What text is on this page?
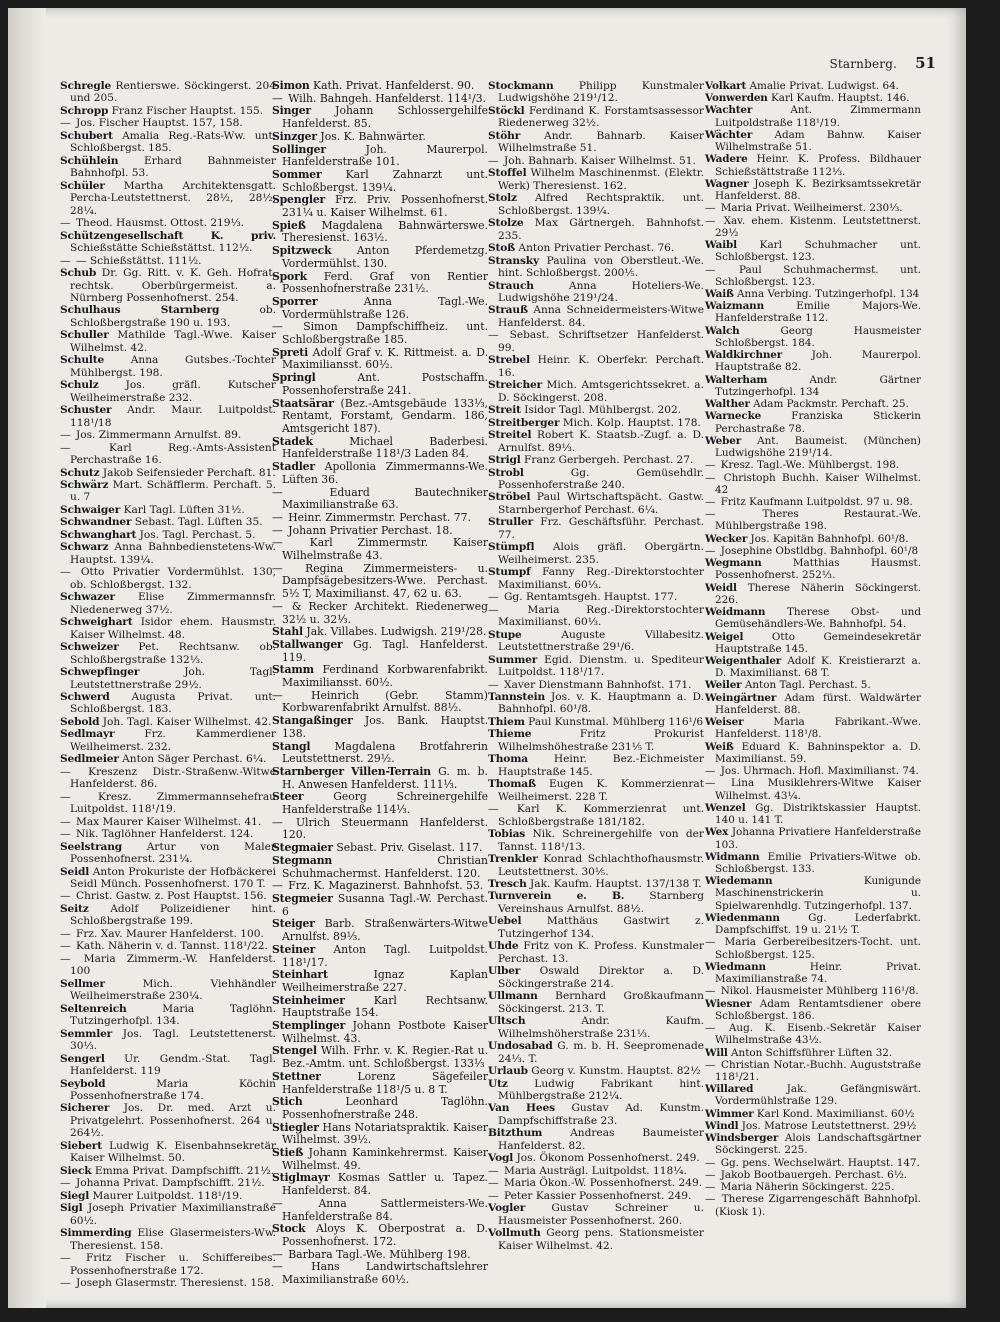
Starnberg. 51
Schregle Rentierswe. Söckingerst. 204 und 205.
Schropp Franz Fischer Hauptst. 155.
— Jos. Fischer Hauptst. 157, 158.
Schubert Amalia Reg.-Rats-Ww. unt. Schloßbergst. 185.
Schühlein Erhard Bahnmeister Bahnhofpl. 53.
Schüler Martha Architektensgatt. Percha-Leutstettnerst. 28½, 28½, 28¼.
— Theod. Hausmst. Ottost. 219⅓.
Schützengesellschaft K. priv. Schießstätte Schießstättst. 112½.
— — Schießstättst. 111½.
Schub Dr. Gg. Ritt. v. K. Geh. Hofrat, rechtsk. Oberbürgermeist. a. Nürnberg Possenhofnerst. 254.
Schulhaus Starnberg ob. Schloßbergstraße 190 u. 193.
Schuller Mathilde Tagl.-Wwe. Kaiser Wilhelmst. 42.
Schulte Anna Gutsbes.-Tochter Mühlbergst. 198.
Schulz Jos. gräfl. Kutscher Weilheimerstraße 232.
Schuster Andr. Maur. Luitpoldst. 118¹/18
— Jos. Zimmermann Arnulfst. 89.
— Karl Reg.-Amts-Assistent Perchastraße 16.
Schutz Jakob Seifensieder Perchaft. 81.
Schwärz Mart. Schäfflerm. Perchaft. 5. u. 7
Schwaiger Karl Tagl. Lüften 31½.
Schwandner Sebast. Tagl. Lüften 35.
Schwanghart Jos. Tagl. Perchast. 5.
Schwarz Anna Bahnbedienstetens-Ww. Hauptst. 139¼.
— Otto Privatier Vordermühlst. 130, ob. Schloßbergst. 132.
Schwazer Elise Zimmermannsfr. Niedenerweg 37½.
Schweighart Isidor ehem. Hausmstr. Kaiser Wilhelmst. 48.
Schweizer Pet. Rechtsanw. ob. Schloßbergstraße 132⅓.
Schwepfinger Joh. Tagl. Leutstettnerstraße 29½.
Schwerd Augusta Privat. unt. Schloßbergst. 183.
Sebold Joh. Tagl. Kaiser Wilhelmst. 42.
Sedlmayr Frz. Kammerdiener Weilheimerst. 232.
Sedlmeier Anton Säger Perchast. 6¼.
— Kreszenz Distr.-Straßenw.-Witwe Hanfelderst. 86.
— Kresz. Zimmermannsehefrau Luitpoldst. 118¹/19.
— Max Maurer Kaiser Wilhelmst. 41.
— Nik. Taglöhner Hanfelderst. 124.
Seelstrang Artur von Maler Possenhofnerst. 231¼.
Seidl Anton Prokuriste der Hofbäckerei Seidl Münch. Possenhofnerst. 170 T.
— Christ. Gastw. z. Post Hauptst. 156.
Seitz Adolf Polizeidiener hint. Schloßbergstraße 199.
— Frz. Xav. Maurer Hanfelderst. 100.
— Kath. Näherin v. d. Tannst. 118¹/22.
— Maria Zimmerm.-W. Hanfelderst. 100
Sellmer Mich. Viehhändler Weilheimerstraße 230¼.
Seltenreich Maria Taglöhn. Tutzingerhofpl. 134.
Semmler Jos. Tagl. Leutstettenerst. 30⅓.
Sengerl Ur. Gendm.-Stat. Tagl. Hanfelderst. 119
Seybold Maria Köchin Possenhofnerstraße 174.
Sicherer Jos. Dr. med. Arzt u. Privatgelehrt. Possenhofnerst. 264 u. 264½.
Siebert Ludwig K. Eisenbahnsekretär Kaiser Wilhelmst. 50.
Sieck Emma Privat. Dampfschifft. 21½.
— Johanna Privat. Dampfschifft. 21½.
Siegl Maurer Luitpoldst. 118¹/19.
Sigl Joseph Privatier Maximilianstraße 60½.
Simmerding Elise Glasermeisters-Ww. Theresienst. 158.
— Fritz Fischer u. Schiffereibes. Possenhofnerstraße 172.
— Joseph Glasermstr. Theresienst. 158.
Simon Kath. Privat. Hanfelderst. 90.
— Wilh. Bahngeh. Hanfelderst. 114¹/3.
Singer Johann Schlossergehilfe Hanfelderst. 85.
Sinzger Jos. K. Bahnwärter.
Sollinger Joh. Maurerpol. Hanfelderstraße 101.
Sommer Karl Zahnarzt unt. Schloßbergst. 139¼.
Spengler Frz. Priv. Possenhofnerst. 231¼ u. Kaiser Wilhelmst. 61.
Spieß Magdalena Bahnwärterswe. Theresienst. 163½.
Spitzweck Anton Pferdemetzg. Vordermühlst. 130.
Spork Ferd. Graf von Rentier Possenhofnerstraße 231½.
Sporrer Anna Tagl.-We. Vordermühlstraße 126.
— Simon Dampfschiffheiz. unt. Schloßbergstraße 185.
Spreti Adolf Graf v. K. Rittmeist. a. D. Maximiliansst. 60½.
Springl Ant. Postschaffn. Possenhoferstraße 241.
Staatsärar (Bez.-Amtsgebäude 133⅓, Rentamt, Forstamt, Gendarm. 186, Amtsgericht 187).
Stadek Michael Baderbesi. Hanfelderstraße 118¹/3 Laden 84.
Stadler Apollonia Zimmermanns-We. Lüften 36.
— Eduard Bautechniker Maximilianstraße 63.
— Heinr. Zimmermstr. Perchast. 77.
— Johann Privatier Perchast. 18.
— Karl Zimmermstr. Kaiser Wilhelmstraße 43.
— Regina Zimmermeisters- u. Dampfsägebesitzers-Wwe. Perchast. 5½ T, Maximilianst. 47, 62 u. 63.
— & Recker Architekt. Riedenerweg 32½ u. 32⅓.
Stahl Jak. Villabes. Ludwigsh. 219¹/28.
Stallwanger Gg. Tagl. Hanfelderst. 119.
Stamm Ferdinand Korbwarenfabrikt. Maximiliansst. 60½.
— Heinrich (Gebr. Stamm) Korbwarenfabrikt Arnulfst. 88½.
Stangaßinger Jos. Bank. Hauptst. 138.
Stangl Magdalena Brotfahrerin Leutstettnerst. 29½.
Starnberger Villen-Terrain G. m. b. H. Anwesen Hanfelderst. 111⅓.
Steer Georg Schreinergehilfe Hanfelderstraße 114⅓.
— Ulrich Steuermann Hanfelderst. 120.
Stegmaier Sebast. Priv. Giselast. 117.
Stegmann Christian Schuhmachermst. Hanfelderst. 120.
— Frz. K. Magazinerst. Bahnhofst. 53.
Stegmeier Susanna Tagl.-W. Perchast. 6
Steiger Barb. Straßenwärters-Witwe Arnulfst. 89⅓.
Steiner Anton Tagl. Luitpoldst. 118¹/17.
Steinhart Ignaz Kaplan Weilheimerstraße 227.
Steinheimer Karl Rechtsanw. Hauptstraße 154.
Stemplinger Johann Postbote Kaiser Wilhelmst. 43.
Stengel Wilh. Frhr. v. K. Regier.-Rat u. Bez.-Amtm. unt. Schloßbergst. 133⅓
Stettner Lorenz Sägefeiler Hanfelderstraße 118¹/5 u. 8 T.
Stich Leonhard Taglöhn. Possenhofnerstraße 248.
Stiegler Hans Notariatspraktik. Kaiser Wilhelmst. 39½.
Stieß Johann Kaminkehrermst. Kaiser Wilhelmst. 49.
Stiglmayr Kosmas Sattler u. Tapez. Hanfelderst. 84.
— Anna Sattlermeisters-We. Hanfelderstraße 84.
Stock Aloys K. Oberpostrat a. D. Possenhofnerst. 172.
— Barbara Tagl.-We. Mühlberg 198.
— Hans Landwirtschaftslehrer Maximilianstraße 60½.
Stockmann Philipp Kunstmaler Ludwigshöhe 219¹/12.
Stöckl Ferdinand K. Forstamtsassessor Riedenerweg 32½.
Stöhr Andr. Bahnarb. Kaiser Wilhelmstraße 51.
— Joh. Bahnarb. Kaiser Wilhelmst. 51.
Stoffel Wilhelm Maschinenmst. (Elektr. Werk) Theresienst. 162.
Stolz Alfred Rechtspraktik. unt. Schloßbergst. 139¼.
Stolze Max Gärtnergeh. Bahnhofst. 235.
Stoß Anton Privatier Perchast. 76.
Stransky Paulina von Oberstleut.-We. hint. Schloßbergst. 200⅕.
Strauch Anna Hoteliers-We. Ludwigshöhe 219¹/24.
Strauß Anna Schneidermeisters-Witwe Hanfelderst. 84.
— Sebast. Schriftsetzer Hanfelderst. 99.
Strebel Heinr. K. Oberfekr. Perchaft. 16.
Streicher Mich. Amtsgerichtssekret. a. D. Söckingerst. 208.
Streit Isidor Tagl. Mühlbergst. 202.
Streitberger Mich. Kolp. Hauptst. 178.
Streitel Robert K. Staatsb.-Zugf. a. D. Arnulfst. 89⅓.
Strigl Franz Gerbergeh. Perchast. 27.
Strobl Gg. Gemüsehdlr. Possenhoferstraße 240.
Ströbel Paul Wirtschaftspächt. Gastw. Starnbergerhof Perchast. 6¼.
Struller Frz. Geschäftsführ. Perchast. 77.
Stümpfl Alois gräfl. Obergärtn. Weilheimerst. 235.
Stumpf Fanny Reg.-Direktorstochter Maximilianst. 60⅓.
— Gg. Rentamtsgeh. Hauptst. 177.
— Maria Reg.-Direktorstochter Maximilianst. 60⅓.
Stupe Auguste Villabesitz. Leutstettnerstraße 29¹/6.
Summer Egid. Dienstm. u. Spediteur Luitpoldst. 118¹/17.
— Xaver Dienstmann Bahnhofst. 171.
Tannstein Jos. v. K. Hauptmann a. D. Bahnhofpl. 60¹/8.
Thiem Paul Kunstmal. Mühlberg 116¹/6
Thieme Fritz Prokurist Wilhelmshöhestraße 231⅕ T.
Thoma Heinr. Bez.-Eichmeister Hauptstraße 145.
Thomaß Eugen K. Kommerzienrat Weilheimerst. 228 T.
— Karl K. Kommerzienrat unt. Schloßbergstraße 181/182.
Tobias Nik. Schreinergehilfe von der Tannst. 118¹/13.
Trenkler Konrad Schlachthofhausmstr. Leutstettnerst. 30⅕.
Tresch Jak. Kaufm. Hauptst. 137/138 T.
Turnverein e. B. Starnberg Vereinshaus Arnulfst. 88½.
Uebel Matthäus Gastwirt z. Tutzingerhof 134.
Uhde Fritz von K. Profess. Kunstmaler Perchast. 13.
Ulber Oswald Direktor a. D. Söckingerstraße 214.
Ullmann Bernhard Großkaufmann Söckingerst. 213. T.
Ultsch Andr. Kaufm. Wilhelmshöherstraße 231⅓.
Undosabad G. m. b. H. Seepromenade 24⅓. T.
Urlaub Georg v. Kunstm. Hauptst. 82½
Utz Ludwig Fabrikant hint. Mühlbergstraße 212¼.
Van Hees Gustav Ad. Kunstm. Dampfschiffstraße 23.
Bitzthum Andreas Baumeister Hanfelderst. 82.
Vogl Jos. Ökonom Possenhofnerst. 249.
— Maria Austrägl. Luitpoldst. 118¼.
— Maria Ökon.-W. Possenhofnerst. 249.
— Peter Kassier Possenhofnerst. 249.
Vogler Gustav Schreiner u. Hausmeister Possenhofnerst. 260.
Vollmuth Georg pens. Stationsmeister Kaiser Wilhelmst. 42.
Volkart Amalie Privat. Ludwigst. 64.
Vonwerden Karl Kaufm. Hauptst. 146.
Wachter Ant. Zimmermann Luitpoldstraße 118¹/19.
Wächter Adam Bahnw. Kaiser Wilhelmstraße 51.
Wadere Heinr. K. Profess. Bildhauer Schießstättstraße 112⅓.
Wagner Joseph K. Bezirksamtssekretär Hanfelderst. 88.
— Maria Privat. Weilheimerst. 230⅓.
— Xav. ehem. Kistenm. Leutstettnerst. 29½
Waibl Karl Schuhmacher unt. Schloßbergst. 123.
— Paul Schuhmachermst. unt. Schloßbergst. 123.
Waiß Anna Verbing. Tutzingerhofpl. 134
Waizmann Emilie Majors-We. Hanfelderstraße 112.
Walch Georg Hausmeister Schloßbergst. 184.
Waldkirchner Joh. Maurerpol. Hauptstraße 82.
Walterham Andr. Gärtner Tutzingerhofpl. 134
Walther Adam Packmstr. Perchaft. 25.
Warnecke Franziska Stickerin Perchastraße 78.
Weber Ant. Baumeist. (München) Ludwigshöhe 219¹/14.
— Kresz. Tagl.-We. Mühlbergst. 198.
— Christoph Buchh. Kaiser Wilhelmst. 42
— Fritz Kaufmann Luitpoldst. 97 u. 98.
— Theres Restaurat.-We. Mühlbergstraße 198.
Wecker Jos. Kapitän Bahnhofpl. 60¹/8.
— Josephine Obstldbg. Bahnhofpl. 60¹/8
Wegmann Matthias Hausmst. Possenhofnerst. 252⅓.
Weidl Therese Näherin Söckingerst. 226.
Weidmann Therese Obst- und Gemüsehändlers-We. Bahnhofpl. 54.
Weigel Otto Gemeindesekretär Hauptstraße 145.
Weigenthaler Adolf K. Kreistierarzt a. D. Maximilianst. 68 T.
Weiler Anton Tagl. Perchast. 5.
Weingärtner Adam fürst. Waldwärter Hanfelderst. 88.
Weiser Maria Fabrikant.-Wwe. Hanfelderst. 118¹/8.
Weiß Eduard K. Bahninspektor a. D. Maximilianst. 59.
— Jos. Uhrmach. Hofl. Maximilianst. 74.
— Lina Musiklehrers-Witwe Kaiser Wilhelmst. 43¼.
Wenzel Gg. Distriktskassier Hauptst. 140 u. 141 T.
Wex Johanna Privatiere Hanfelderstraße 103.
Widmann Emilie Privatiers-Witwe ob. Schloßbergst. 133.
Wiedemann Kunigunde Maschinenstrickerin u. Spielwarenhdlg. Tutzingerhofpl. 137.
Wiedenmann Gg. Lederfabrkt. Dampfschiffst. 19 u. 21½ T.
— Maria Gerbereibesitzers-Tocht. unt. Schloßbergst. 125.
Wiedmann Heinr. Privat. Maximilianstraße 74.
— Nikol. Hausmeister Mühlberg 116¹/8.
Wiesner Adam Rentamtsdiener obere Schloßbergst. 186.
— Aug. K. Eisenb.-Sekretär Kaiser Wilhelmstraße 43½.
Will Anton Schiffsführer Lüften 32.
— Christian Notar.-Buchh. Auguststraße 118¹/21.
Willared Jak. Gefängniswärt. Vordermühlstraße 129.
Wimmer Karl Kond. Maximilianst. 60½
Windl Jos. Matrose Leutstettnerst. 29½
Windsberger Alois Landschaftsgärtner Söckingerst. 225.
— Gg. pens. Wechselwärt. Hauptst. 147.
— Jakob Bootbauergeh. Perchast. 6½.
— Maria Näherin Söckingerst. 225.
— Therese Zigarrengeschäft Bahnhofpl. (Kiosk 1).
